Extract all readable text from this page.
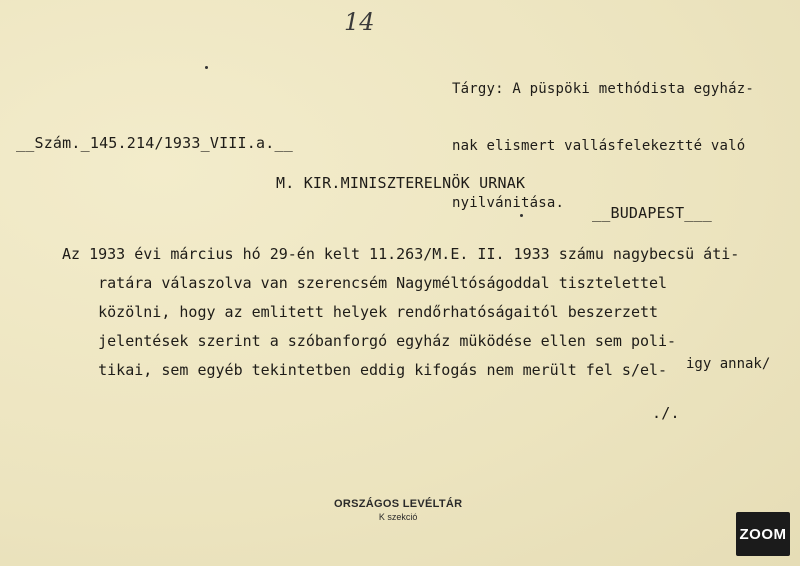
14

Tárgy: A püspöki methódista egyház-

nak elismert vallásfelekeztté való

nyilvánitása.

__Szám._145.214/1933_VIII.a.__
M. KIR.MINISZTERELNÖK URNAK
__BUDAPEST___
Az 1933 évi március hó 29-én kelt 11.263/M.E. II. 1933 számu nagybecsü áti-
ratára válaszolva van szerencsém Nagyméltóságoddal tisztelettel
közölni, hogy az emlitett helyek rendőrhatóságaitól beszerzett
jelentések szerint a szóbanforgó egyház müködése ellen sem poli-
tikai, sem egyéb tekintetben eddig kifogás nem merült fel s/el-	igy annak/
./.
ORSZÁGOS LEVÉLTÁR
K szekció
ZOOM
